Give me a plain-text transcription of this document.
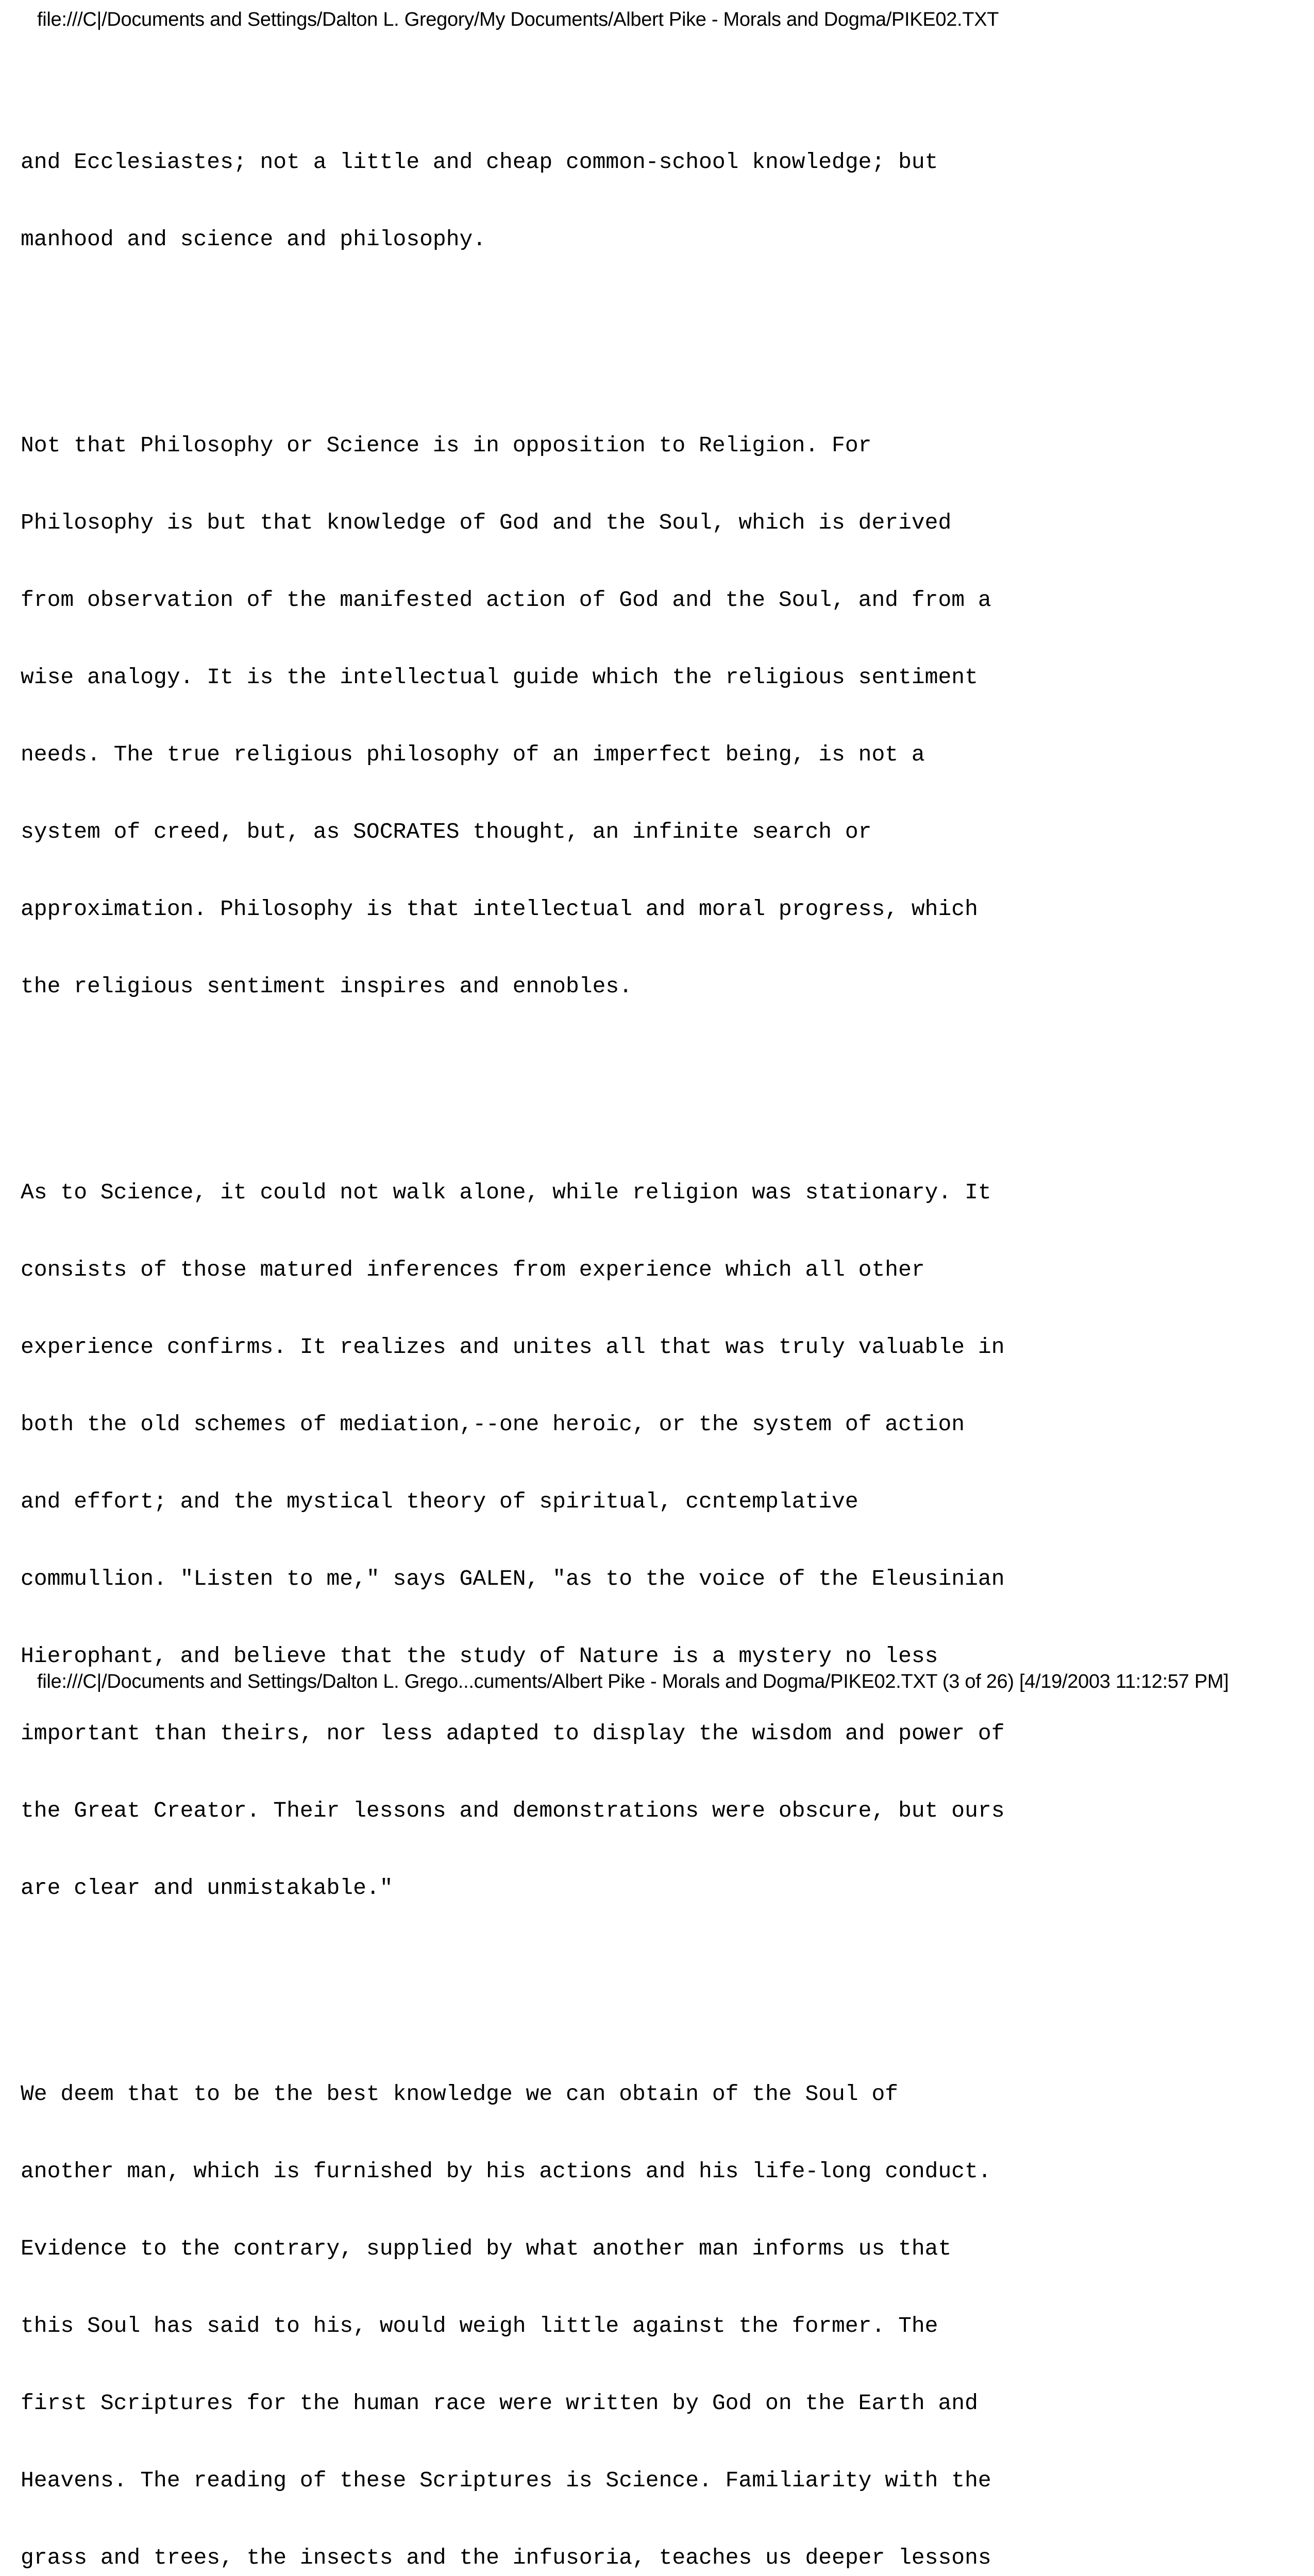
file:///C|/Documents and Settings/Dalton L. Gregory/My Documents/Albert Pike - Morals and Dogma/PIKE02.TXT

and Ecclesiastes; not a little and cheap common-school knowledge; but

manhood and science and philosophy.

Not that Philosophy or Science is in opposition to Religion. For

Philosophy is but that knowledge of God and the Soul, which is derived

from observation of the manifested action of God and the Soul, and from a

wise analogy. It is the intellectual guide which the religious sentiment

needs. The true religious philosophy of an imperfect being, is not a

system of creed, but, as SOCRATES thought, an infinite search or

approximation. Philosophy is that intellectual and moral progress, which

the religious sentiment inspires and ennobles.

As to Science, it could not walk alone, while religion was stationary. It

consists of those matured inferences from experience which all other

experience confirms. It realizes and unites all that was truly valuable in

both the old schemes of mediation,--one heroic, or the system of action

and effort; and the mystical theory of spiritual, ccntemplative

commullion. "Listen to me," says GALEN, "as to the voice of the Eleusinian

Hierophant, and believe that the study of Nature is a mystery no less

important than theirs, nor less adapted to display the wisdom and power of

the Great Creator. Their lessons and demonstrations were obscure, but ours

are clear and unmistakable."

We deem that to be the best knowledge we can obtain of the Soul of

another man, which is furnished by his actions and his life-long conduct.

Evidence to the contrary, supplied by what another man informs us that

this Soul has said to his, would weigh little against the former. The

first Scriptures for the human race were written by God on the Earth and

Heavens. The reading of these Scriptures is Science. Familiarity with the

grass and trees, the insects and the infusoria, teaches us deeper lessons

file:///C|/Documents and Settings/Dalton L. Grego...cuments/Albert Pike - Morals and Dogma/PIKE02.TXT (3 of 26) [4/19/2003 11:12:57 PM]
